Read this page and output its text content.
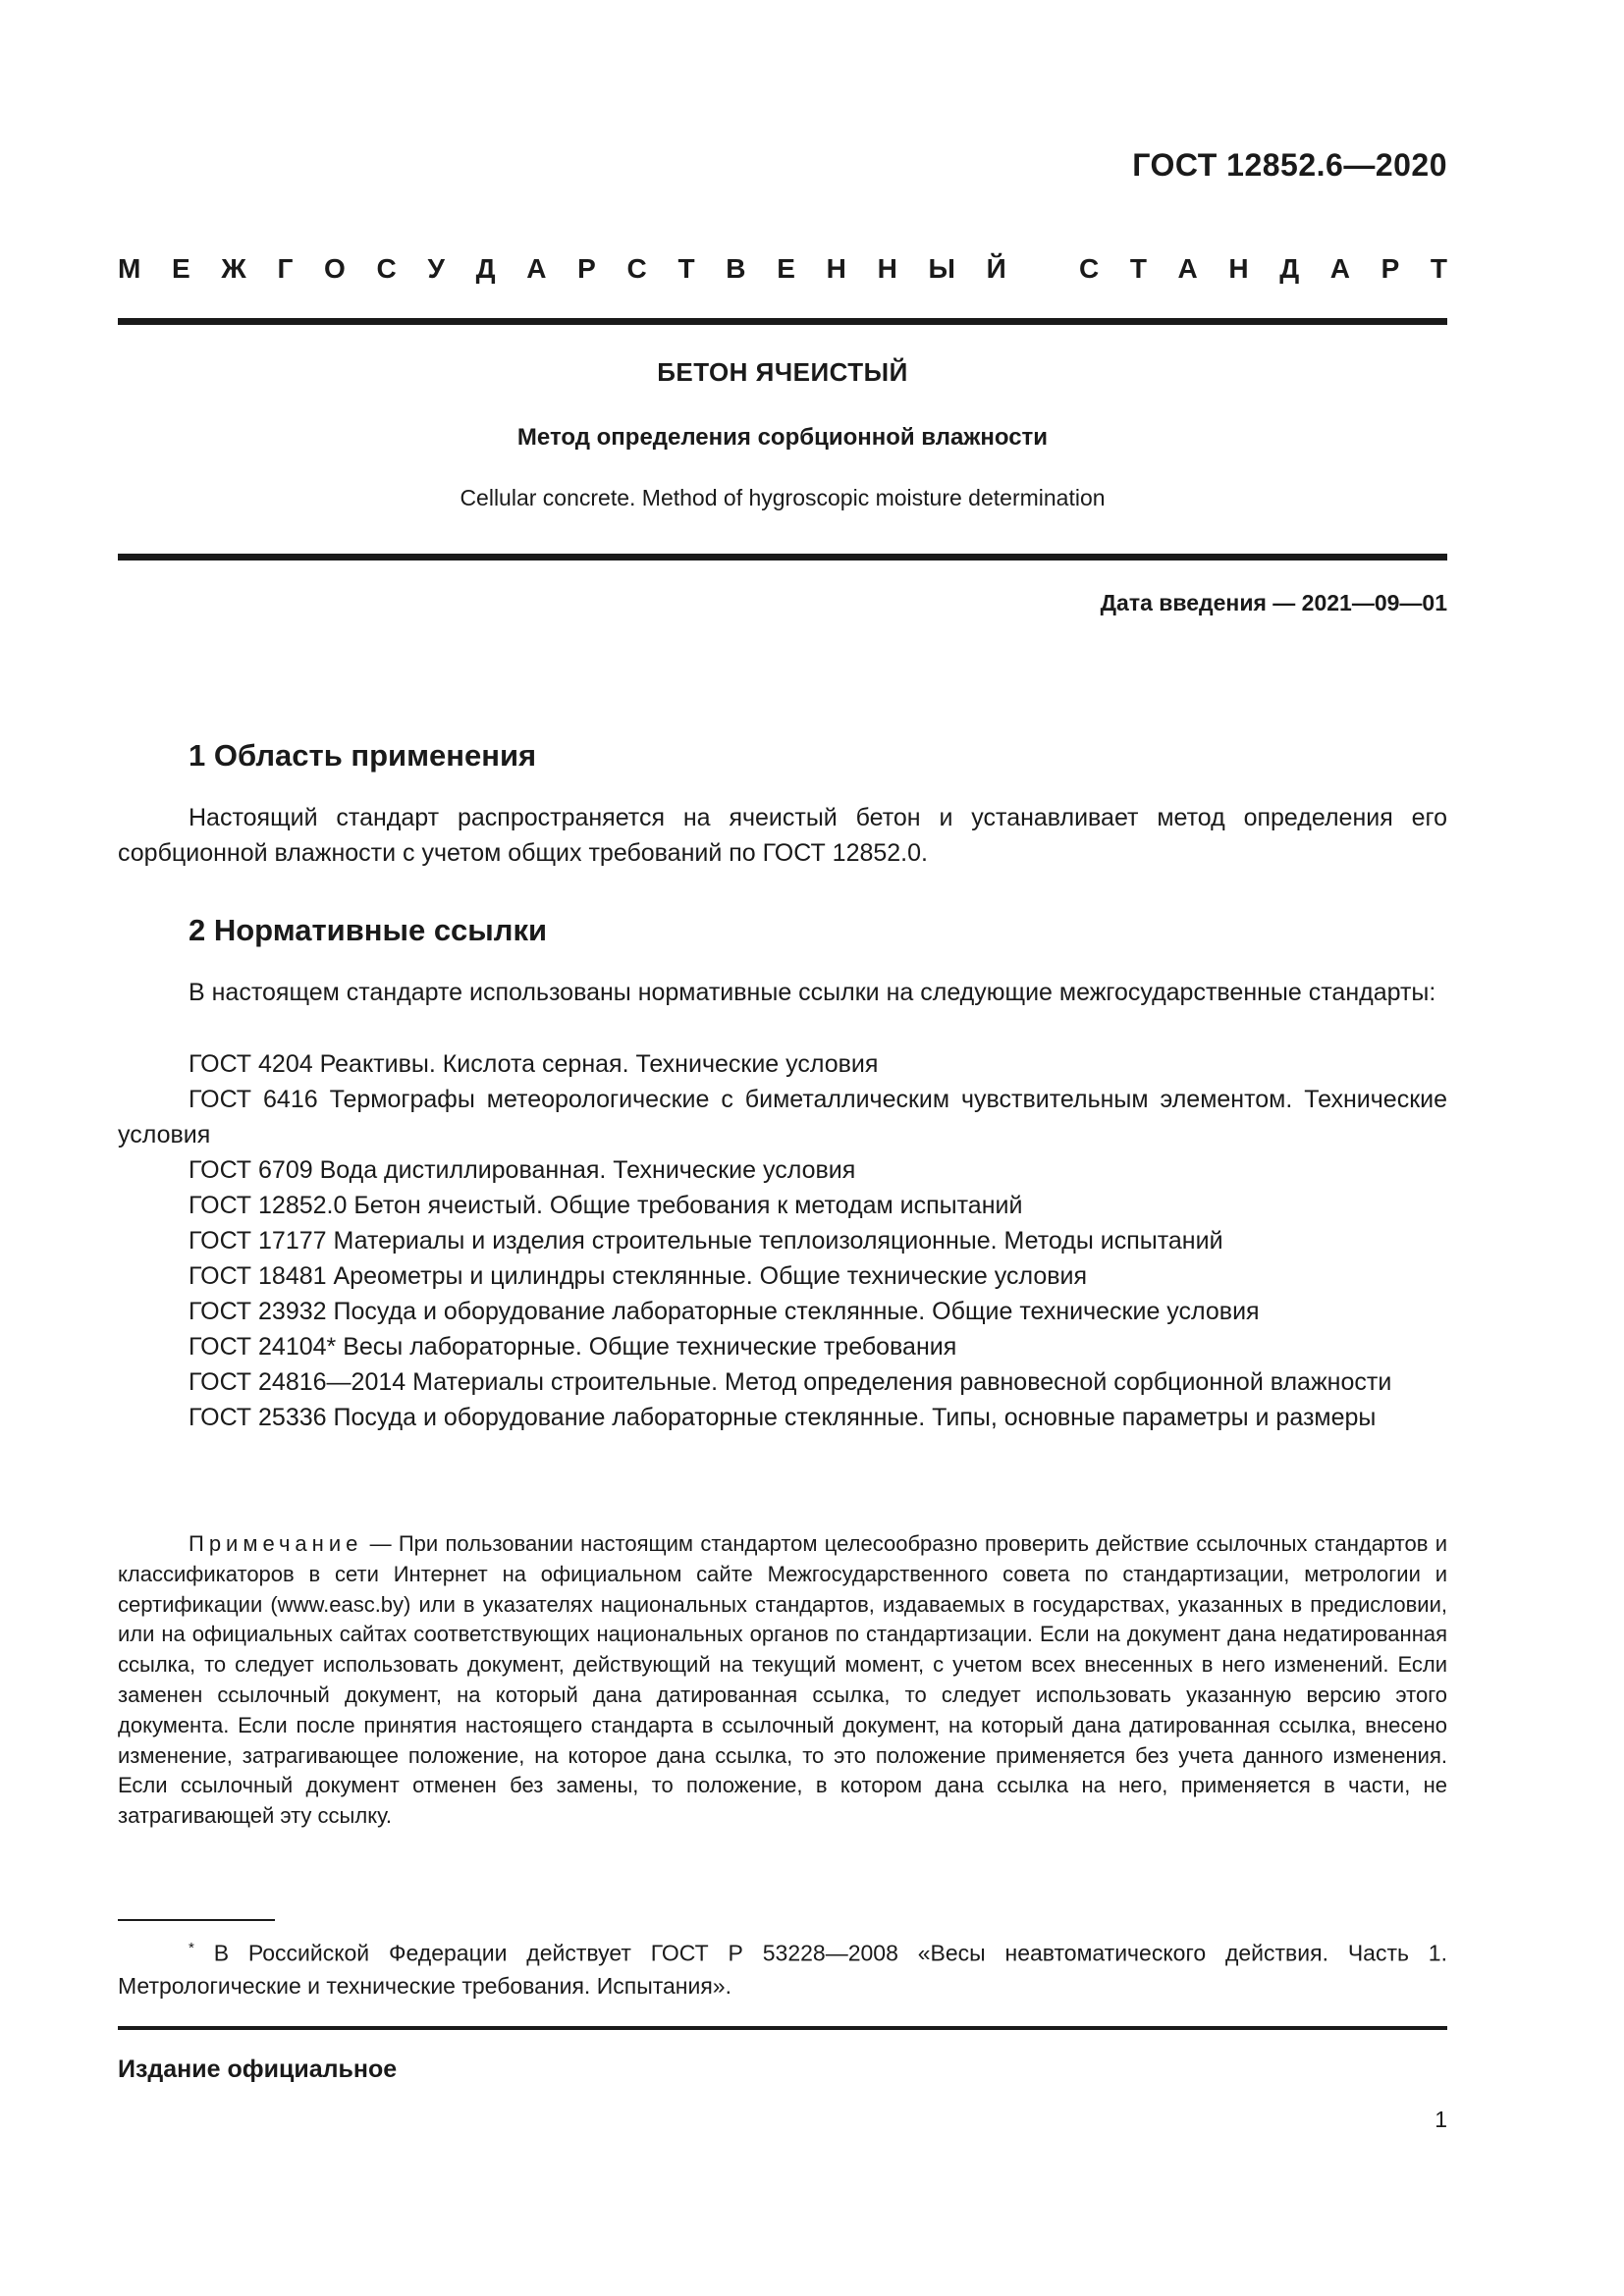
ГОСТ 12852.6—2020
М Е Ж Г О С У Д А Р С Т В Е Н Н Ы Й	С Т А Н Д А Р Т
БЕТОН ЯЧЕИСТЫЙ
Метод определения сорбционной влажности
Cellular concrete. Method of hygroscopic moisture determination
Дата введения — 2021—09—01
1 Область применения

Настоящий стандарт распространяется на ячеистый бетон и устанавливает метод определения его сорбционной влажности с учетом общих требований по ГОСТ 12852.0.

2 Нормативные ссылки

В настоящем стандарте использованы нормативные ссылки на следующие межгосударственные стандарты:

ГОСТ 4204 Реактивы. Кислота серная. Технические условия
ГОСТ 6416 Термографы метеорологические с биметаллическим чувствительным элементом. Технические условия
ГОСТ 6709 Вода дистиллированная. Технические условия
ГОСТ 12852.0 Бетон ячеистый. Общие требования к методам испытаний
ГОСТ 17177 Материалы и изделия строительные теплоизоляционные. Методы испытаний
ГОСТ 18481 Ареометры и цилиндры стеклянные. Общие технические условия
ГОСТ 23932 Посуда и оборудование лабораторные стеклянные. Общие технические условия
ГОСТ 24104* Весы лабораторные. Общие технические требования
ГОСТ 24816—2014 Материалы строительные. Метод определения равновесной сорбционной влажности
ГОСТ 25336 Посуда и оборудование лабораторные стеклянные. Типы, основные параметры и размеры

Примечание — При пользовании настоящим стандартом целесообразно проверить действие ссылочных стандартов и классификаторов в сети Интернет на официальном сайте Межгосударственного совета по стандартизации, метрологии и сертификации (www.easc.by) или в указателях национальных стандартов, издаваемых в государствах, указанных в предисловии, или на официальных сайтах соответствующих национальных органов по стандартизации. Если на документ дана недатированная ссылка, то следует использовать документ, действующий на текущий момент, с учетом всех внесенных в него изменений. Если заменен ссылочный документ, на который дана датированная ссылка, то следует использовать указанную версию этого документа. Если после принятия настоящего стандарта в ссылочный документ, на который дана датированная ссылка, внесено изменение, затрагивающее положение, на которое дана ссылка, то это положение применяется без учета данного изменения. Если ссылочный документ отменен без замены, то положение, в котором дана ссылка на него, применяется в части, не затрагивающей эту ссылку.

* В Российской Федерации действует ГОСТ Р 53228—2008 «Весы неавтоматического действия. Часть 1. Метрологические и технические требования. Испытания».

Издание официальное
1
